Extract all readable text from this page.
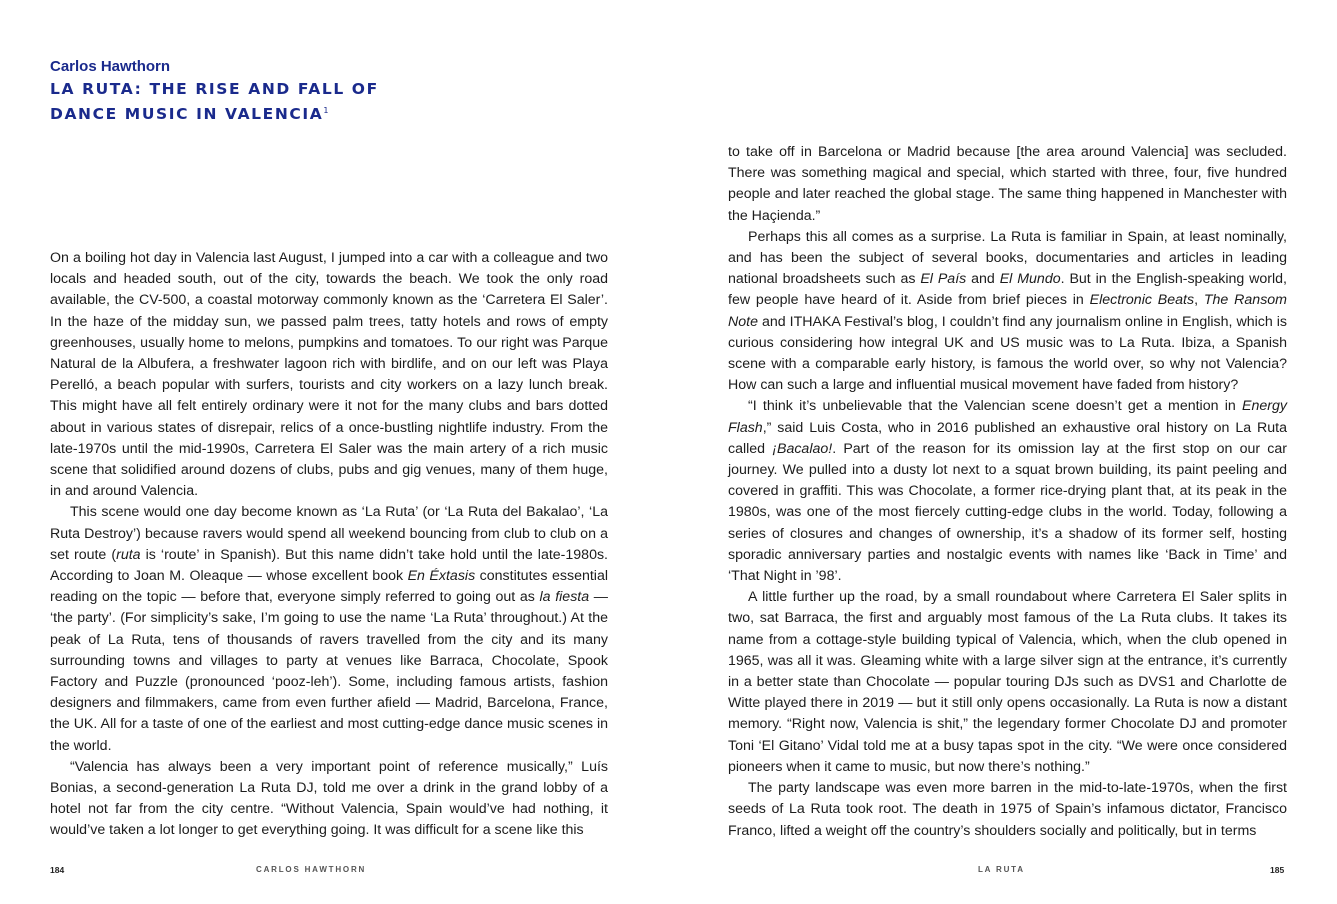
Carlos Hawthorn

LA RUTA: THE RISE AND FALL OF
DANCE MUSIC IN VALENCIA$^1$

On a boiling hot day in Valencia last August, I jumped into a car with a colleague and two locals and headed south, out of the city, towards the beach. We took the only road available, the CV-500, a coastal motorway commonly known as the ‘Carretera El Saler’. In the haze of the midday sun, we passed palm trees, tatty hotels and rows of empty greenhouses, usually home to melons, pumpkins and tomatoes. To our right was Parque Natural de la Albufera, a freshwater lagoon rich with birdlife, and on our left was Playa Perelló, a beach popular with surfers, tourists and city workers on a lazy lunch break. This might have all felt entirely ordinary were it not for the many clubs and bars dotted about in various states of disrepair, relics of a once-bustling nightlife industry. From the late-1970s until the mid-1990s, Carretera El Saler was the main artery of a rich music scene that solidified around dozens of clubs, pubs and gig venues, many of them huge, in and around Valencia.

This scene would one day become known as ‘La Ruta’ (or ‘La Ruta del Bakalao’, ‘La Ruta Destroy’) because ravers would spend all weekend bouncing from club to club on a set route (ruta is ‘route’ in Spanish). But this name didn’t take hold until the late-1980s. According to Joan M. Oleaque — whose excellent book En Éxtasis constitutes essential reading on the topic — before that, everyone simply referred to going out as la fiesta — ‘the party’. (For simplicity’s sake, I’m going to use the name ‘La Ruta’ throughout.) At the peak of La Ruta, tens of thousands of ravers travelled from the city and its many surrounding towns and villages to party at venues like Barraca, Chocolate, Spook Factory and Puzzle (pronounced ‘pooz-leh’). Some, including famous artists, fashion designers and filmmakers, came from even further afield — Madrid, Barcelona, France, the UK. All for a taste of one of the earliest and most cutting-edge dance music scenes in the world.

“Valencia has always been a very important point of reference musically,” Luís Bonias, a second-generation La Ruta DJ, told me over a drink in the grand lobby of a hotel not far from the city centre. “Without Valencia, Spain would’ve had nothing, it would’ve taken a lot longer to get everything going. It was difficult for a scene like this

184	CARLOS HAWTHORN

to take off in Barcelona or Madrid because [the area around Valencia] was secluded. There was something magical and special, which started with three, four, five hundred people and later reached the global stage. The same thing happened in Manchester with the Haçienda.”

Perhaps this all comes as a surprise. La Ruta is familiar in Spain, at least nominally, and has been the subject of several books, documentaries and articles in leading national broadsheets such as El País and El Mundo. But in the English-speaking world, few people have heard of it. Aside from brief pieces in Electronic Beats, The Ransom Note and ITHAKA Festival’s blog, I couldn’t find any journalism online in English, which is curious considering how integral UK and US music was to La Ruta. Ibiza, a Spanish scene with a comparable early history, is famous the world over, so why not Valencia? How can such a large and influential musical movement have faded from history?

“I think it’s unbelievable that the Valencian scene doesn’t get a mention in Energy Flash,” said Luis Costa, who in 2016 published an exhaustive oral history on La Ruta called ¡Bacalao!. Part of the reason for its omission lay at the first stop on our car journey. We pulled into a dusty lot next to a squat brown building, its paint peeling and covered in graffiti. This was Chocolate, a former rice-drying plant that, at its peak in the 1980s, was one of the most fiercely cutting-edge clubs in the world. Today, following a series of closures and changes of ownership, it’s a shadow of its former self, hosting sporadic anniversary parties and nostalgic events with names like ‘Back in Time’ and ‘That Night in ’98’.

A little further up the road, by a small roundabout where Carretera El Saler splits in two, sat Barraca, the first and arguably most famous of the La Ruta clubs. It takes its name from a cottage-style building typical of Valencia, which, when the club opened in 1965, was all it was. Gleaming white with a large silver sign at the entrance, it’s currently in a better state than Chocolate — popular touring DJs such as DVS1 and Charlotte de Witte played there in 2019 — but it still only opens occasionally. La Ruta is now a distant memory. “Right now, Valencia is shit,” the legendary former Chocolate DJ and promoter Toni ‘El Gitano’ Vidal told me at a busy tapas spot in the city. “We were once considered pioneers when it came to music, but now there’s nothing.”

The party landscape was even more barren in the mid-to-late-1970s, when the first seeds of La Ruta took root. The death in 1975 of Spain’s infamous dictator, Francisco Franco, lifted a weight off the country’s shoulders socially and politically, but in terms

LA RUTA	185
